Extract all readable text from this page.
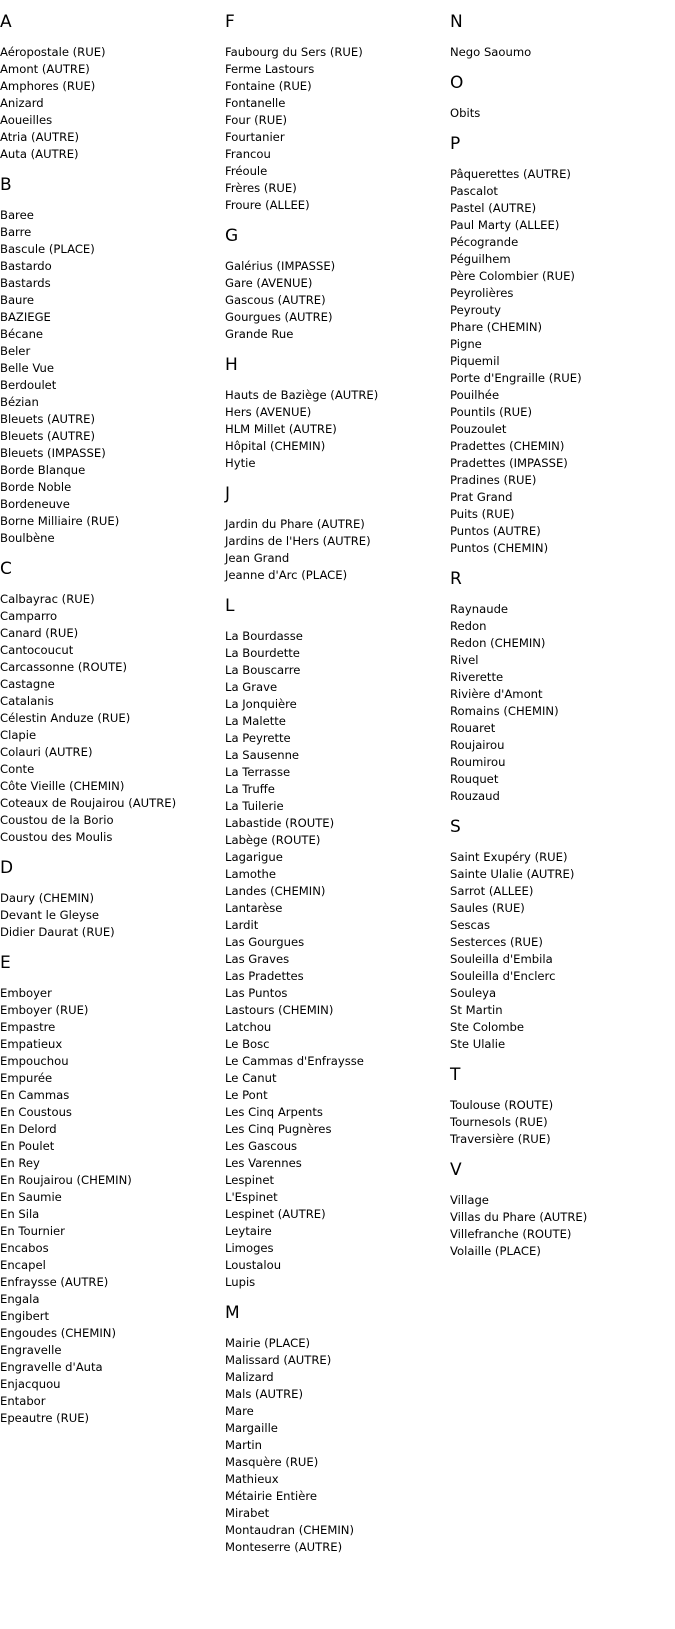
A
Aéropostale (RUE)
Amont (AUTRE)
Amphores (RUE)
Anizard
Aoueilles
Atria (AUTRE)
Auta (AUTRE)
B
Baree
Barre
Bascule (PLACE)
Bastardo
Bastards
Baure
BAZIEGE
Bécane
Beler
Belle Vue
Berdoulet
Bézian
Bleuets (AUTRE)
Bleuets (AUTRE)
Bleuets (IMPASSE)
Borde Blanque
Borde Noble
Bordeneuve
Borne Milliaire (RUE)
Boulbène
C
Calbayrac (RUE)
Camparro
Canard (RUE)
Cantocoucut
Carcassonne (ROUTE)
Castagne
Catalanis
Célestin Anduze (RUE)
Clapie
Colauri (AUTRE)
Conte
Côte Vieille (CHEMIN)
Coteaux de Roujairou (AUTRE)
Coustou de la Borio
Coustou des Moulis
D
Daury (CHEMIN)
Devant le Gleyse
Didier Daurat (RUE)
E
Emboyer
Emboyer (RUE)
Empastre
Empatieux
Empouchou
Empurée
En Cammas
En Coustous
En Delord
En Poulet
En Rey
En Roujairou (CHEMIN)
En Saumie
En Sila
En Tournier
Encabos
Encapel
Enfraysse (AUTRE)
Engala
Engibert
Engoudes (CHEMIN)
Engravelle
Engravelle d'Auta
Enjacquou
Entabor
Epeautre (RUE)
F
Faubourg du Sers (RUE)
Ferme Lastours
Fontaine (RUE)
Fontanelle
Four (RUE)
Fourtanier
Francou
Fréoule
Frères (RUE)
Froure (ALLEE)
G
Galérius (IMPASSE)
Gare (AVENUE)
Gascous (AUTRE)
Gourgues (AUTRE)
Grande Rue
H
Hauts de Baziège (AUTRE)
Hers (AVENUE)
HLM Millet (AUTRE)
Hôpital (CHEMIN)
Hytie
J
Jardin du Phare (AUTRE)
Jardins de l'Hers (AUTRE)
Jean Grand
Jeanne d'Arc (PLACE)
L
La Bourdasse
La Bourdette
La Bouscarre
La Grave
La Jonquière
La Malette
La Peyrette
La Sausenne
La Terrasse
La Truffe
La Tuilerie
Labastide (ROUTE)
Labège (ROUTE)
Lagarigue
Lamothe
Landes (CHEMIN)
Lantarèse
Lardit
Las Gourgues
Las Graves
Las Pradettes
Las Puntos
Lastours (CHEMIN)
Latchou
Le Bosc
Le Cammas d'Enfraysse
Le Canut
Le Pont
Les Cinq Arpents
Les Cinq Pugnères
Les Gascous
Les Varennes
Lespinet
L'Espinet
Lespinet (AUTRE)
Leytaire
Limoges
Loustalou
Lupis
M
Mairie (PLACE)
Malissard (AUTRE)
Malizard
Mals (AUTRE)
Mare
Margaille
Martin
Masquère (RUE)
Mathieux
Métairie Entière
Mirabet
Montaudran (CHEMIN)
Monteserre (AUTRE)
N
Nego Saoumo
O
Obits
P
Pâquerettes (AUTRE)
Pascalot
Pastel (AUTRE)
Paul Marty (ALLEE)
Pécogrande
Péguilhem
Père Colombier (RUE)
Peyrolières
Peyrouty
Phare (CHEMIN)
Pigne
Piquemil
Porte d'Engraille (RUE)
Pouilhée
Pountils (RUE)
Pouzoulet
Pradettes (CHEMIN)
Pradettes (IMPASSE)
Pradines (RUE)
Prat Grand
Puits (RUE)
Puntos (AUTRE)
Puntos (CHEMIN)
R
Raynaude
Redon
Redon (CHEMIN)
Rivel
Riverette
Rivière d'Amont
Romains (CHEMIN)
Rouaret
Roujairou
Roumirou
Rouquet
Rouzaud
S
Saint Exupéry (RUE)
Sainte Ulalie (AUTRE)
Sarrot (ALLEE)
Saules (RUE)
Sescas
Sesterces (RUE)
Souleilla d'Embila
Souleilla d'Enclerc
Souleya
St Martin
Ste Colombe
Ste Ulalie
T
Toulouse (ROUTE)
Tournesols (RUE)
Traversière (RUE)
V
Village
Villas du Phare (AUTRE)
Villefranche (ROUTE)
Volaille (PLACE)
